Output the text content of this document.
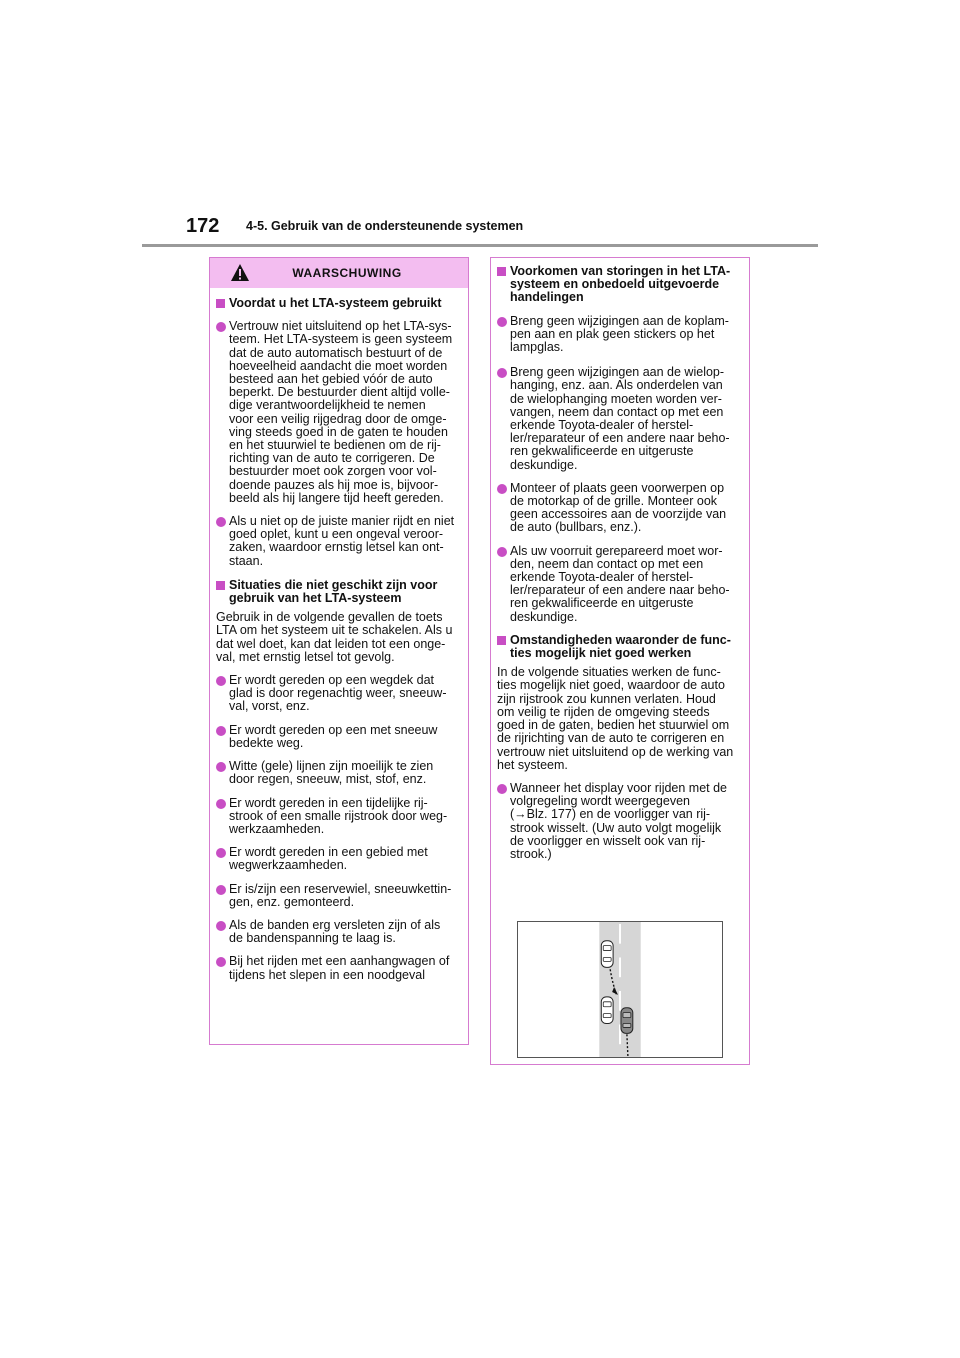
172 4-5. Gebruik van de ondersteunende systemen
WAARSCHUWING
Voordat u het LTA-systeem gebruikt
Vertrouw niet uitsluitend op het LTA-sys-
teem. Het LTA-systeem is geen systeem
dat de auto automatisch bestuurt of de
hoeveelheid aandacht die moet worden
besteed aan het gebied vóór de auto
beperkt. De bestuurder dient altijd volle-
dige verantwoordelijkheid te nemen
voor een veilig rijgedrag door de omge-
ving steeds goed in de gaten te houden
en het stuurwiel te bedienen om de rij-
richting van de auto te corrigeren. De
bestuurder moet ook zorgen voor vol-
doende pauzes als hij moe is, bijvoor-
beeld als hij langere tijd heeft gereden.
Als u niet op de juiste manier rijdt en niet
goed oplet, kunt u een ongeval veroor-
zaken, waardoor ernstig letsel kan ont-
staan.
Situaties die niet geschikt zijn voor
gebruik van het LTA-systeem
Gebruik in de volgende gevallen de toets
LTA om het systeem uit te schakelen. Als u
dat wel doet, kan dat leiden tot een onge-
val, met ernstig letsel tot gevolg.
Er wordt gereden op een wegdek dat
glad is door regenachtig weer, sneeuw-
val, vorst, enz.
Er wordt gereden op een met sneeuw
bedekte weg.
Witte (gele) lijnen zijn moeilijk te zien
door regen, sneeuw, mist, stof, enz.
Er wordt gereden in een tijdelijke rij-
strook of een smalle rijstrook door weg-
werkzaamheden.
Er wordt gereden in een gebied met
wegwerkzaamheden.
Er is/zijn een reservewiel, sneeuwkettin-
gen, enz. gemonteerd.
Als de banden erg versleten zijn of als
de bandenspanning te laag is.
Bij het rijden met een aanhangwagen of
tijdens het slepen in een noodgeval
Voorkomen van storingen in het LTA-
systeem en onbedoeld uitgevoerde
handelingen
Breng geen wijzigingen aan de koplam-
pen aan en plak geen stickers op het
lampglas.
Breng geen wijzigingen aan de wielop-
hanging, enz. aan. Als onderdelen van
de wielophanging moeten worden ver-
vangen, neem dan contact op met een
erkende Toyota-dealer of herstel-
ler/reparateur of een andere naar beho-
ren gekwalificeerde en uitgeruste
deskundige.
Monteer of plaats geen voorwerpen op
de motorkap of de grille. Monteer ook
geen accessoires aan de voorzijde van
de auto (bullbars, enz.).
Als uw voorruit gerepareerd moet wor-
den, neem dan contact op met een
erkende Toyota-dealer of herstel-
ler/reparateur of een andere naar beho-
ren gekwalificeerde en uitgeruste
deskundige.
Omstandigheden waaronder de func-
ties mogelijk niet goed werken
In de volgende situaties werken de func-
ties mogelijk niet goed, waardoor de auto
zijn rijstrook zou kunnen verlaten. Houd
om veilig te rijden de omgeving steeds
goed in de gaten, bedien het stuurwiel om
de rijrichting van de auto te corrigeren en
vertrouw niet uitsluitend op de werking van
het systeem.
Wanneer het display voor rijden met de
volgregeling wordt weergegeven
(→Blz. 177) en de voorligger van rij-
strook wisselt. (Uw auto volgt mogelijk
de voorligger en wisselt ook van rij-
strook.)
